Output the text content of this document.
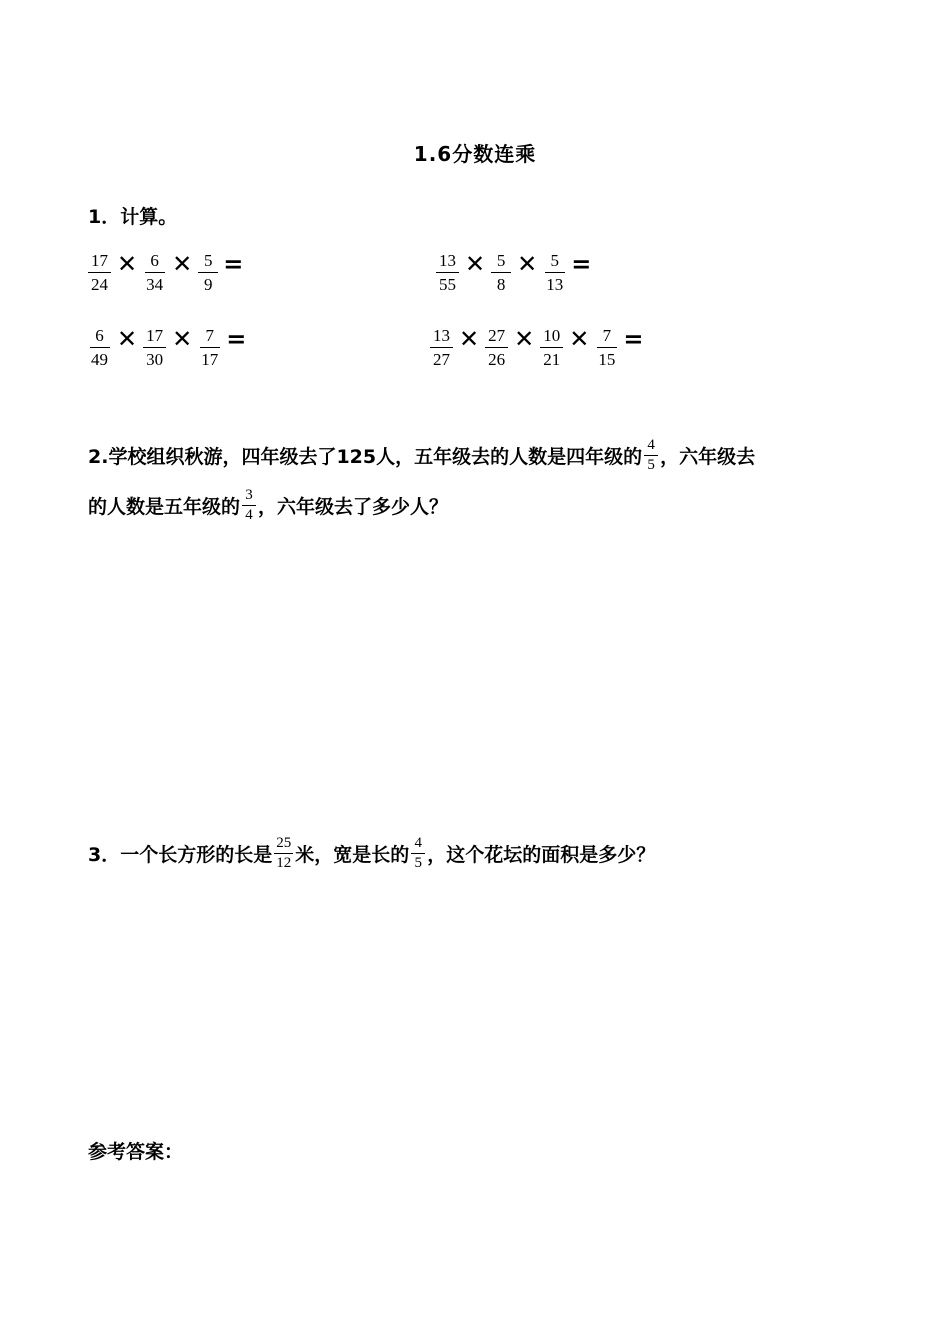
1.6分数连乘
1．计算。
$\frac{17}{24}$ ✕ $\frac{6}{34}$ ✕ $\frac{5}{9}$ =	$\frac{13}{55}$ ✕ $\frac{5}{8}$ ✕ $\frac{5}{13}$ =
$\frac{6}{49}$ ✕ $\frac{17}{30}$ ✕ $\frac{7}{17}$ =	$\frac{13}{27}$ ✕ $\frac{27}{26}$ ✕ $\frac{10}{21}$ ✕ $\frac{7}{15}$ =
2.学校组织秋游，四年级去了125人，五年级去的人数是四年级的 $\frac{4}{5}$ ，六年级去
的人数是五年级的 $\frac{3}{4}$ ，六年级去了多少人？
3．一个长方形的长是 $\frac{25}{12}$ 米，宽是长的 $\frac{4}{5}$ ，这个花坛的面积是多少？
参考答案：
